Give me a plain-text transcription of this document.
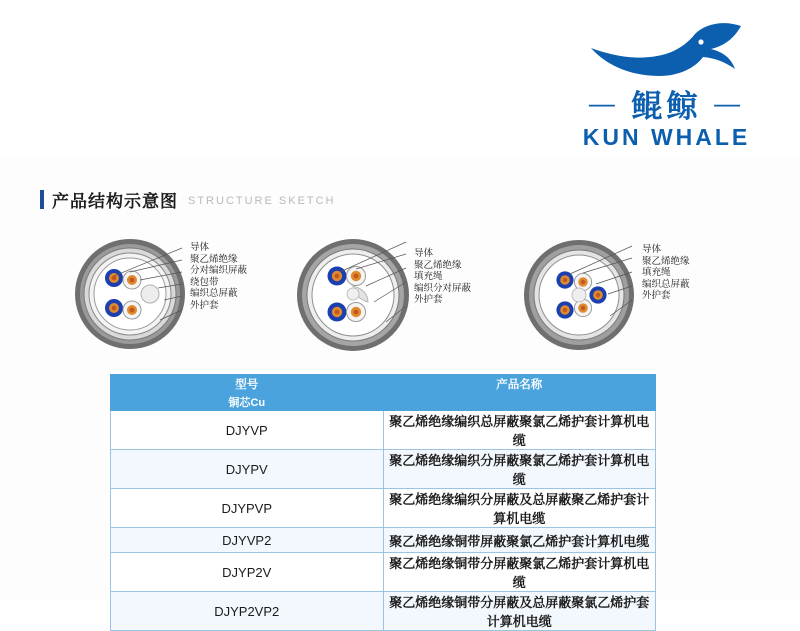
— 鲲鲸 —
KUN WHALE
产品结构示意图 STRUCTURE SKETCH
导体
聚乙烯绝缘
分对编织屏蔽
绕包带
编织总屏蔽
外护套
导体
聚乙烯绝缘
填充绳
编织分对屏蔽
外护套
导体
聚乙烯绝缘
填充绳
编织总屏蔽
外护套
型号	产品名称
铜芯Cu	
DJYVP	聚乙烯绝缘编织总屏蔽聚氯乙烯护套计算机电缆
DJYPV	聚乙烯绝缘编织分屏蔽聚氯乙烯护套计算机电缆
DJYPVP	聚乙烯绝缘编织分屏蔽及总屏蔽聚乙烯护套计算机电缆
DJYVP2	聚乙烯绝缘铜带屏蔽聚氯乙烯护套计算机电缆
DJYP2V	聚乙烯绝缘铜带分屏蔽聚氯乙烯护套计算机电缆
DJYP2VP2	聚乙烯绝缘铜带分屏蔽及总屏蔽聚氯乙烯护套计算机电缆
